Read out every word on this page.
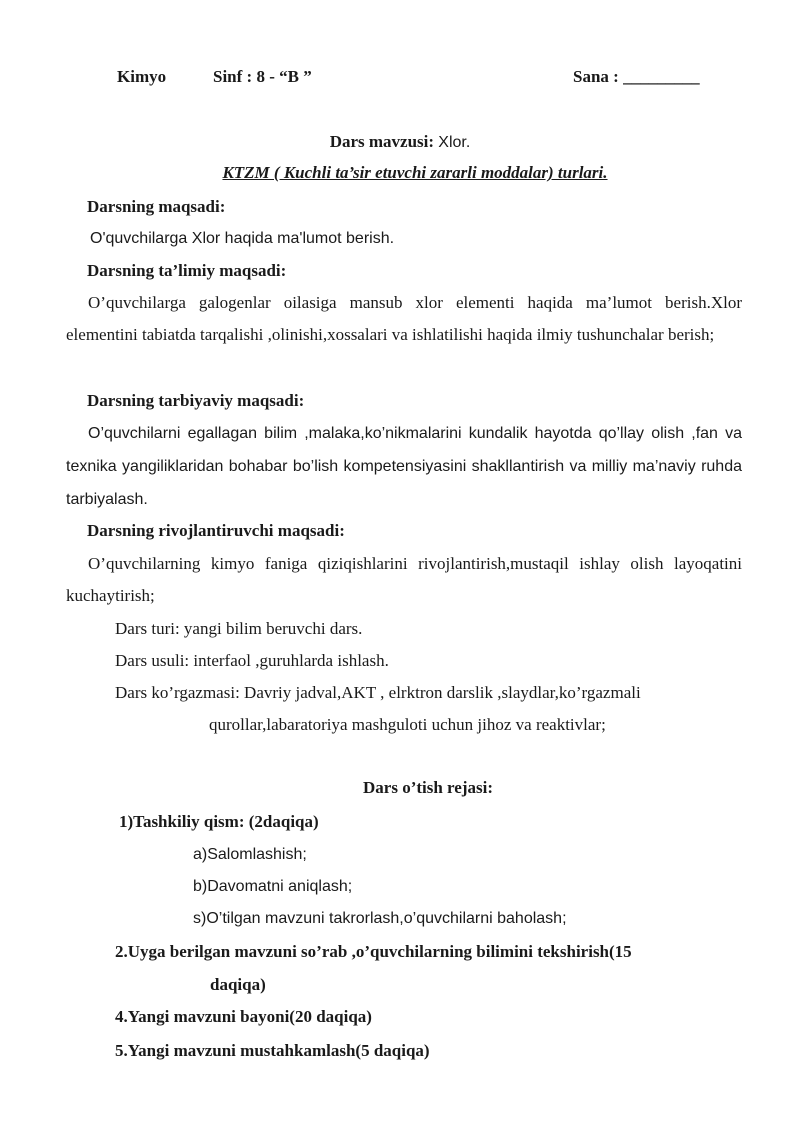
Kimyo	Sinf : 8 - “B ”	Sana : _________
Dars mavzusi: Xlor.
KTZM ( Kuchli ta’sir etuvchi zararli moddalar) turlari.
Darsning maqsadi:
O'quvchilarga Xlor haqida ma'lumot berish.
Darsning ta’limiy maqsadi:
O’quvchilarga galogenlar oilasiga mansub xlor elementi haqida ma’lumot berish.Xlor elementini tabiatda tarqalishi ,olinishi,xossalari va ishlatilishi haqida ilmiy tushunchalar berish;
Darsning tarbiyaviy maqsadi:
O’quvchilarni egallagan bilim ,malaka,ko’nikmalarini kundalik hayotda qo’llay olish ,fan va texnika yangiliklaridan bohabar bo’lish kompetensiyasini shakllantirish va milliy ma’naviy ruhda tarbiyalash.
Darsning rivojlantiruvchi maqsadi:
O’quvchilarning kimyo faniga qiziqishlarini rivojlantirish,mustaqil ishlay olish layoqatini kuchaytirish;
Dars turi: yangi bilim beruvchi dars.
Dars usuli: interfaol ,guruhlarda ishlash.
Dars ko’rgazmasi: Davriy jadval,AKT , elrktron darslik ,slaydlar,ko’rgazmali
qurollar,labaratoriya mashguloti uchun jihoz va reaktivlar;
Dars o’tish rejasi:
1)Tashkiliy qism: (2daqiqa)
a)Salomlashish;
b)Davomatni aniqlash;
s)O’tilgan mavzuni takrorlash,o’quvchilarni baholash;
2.Uyga berilgan mavzuni so’rab ,o’quvchilarning bilimini tekshirish(15
daqiqa)
4.Yangi mavzuni bayoni(20 daqiqa)
5.Yangi mavzuni mustahkamlash(5 daqiqa)
